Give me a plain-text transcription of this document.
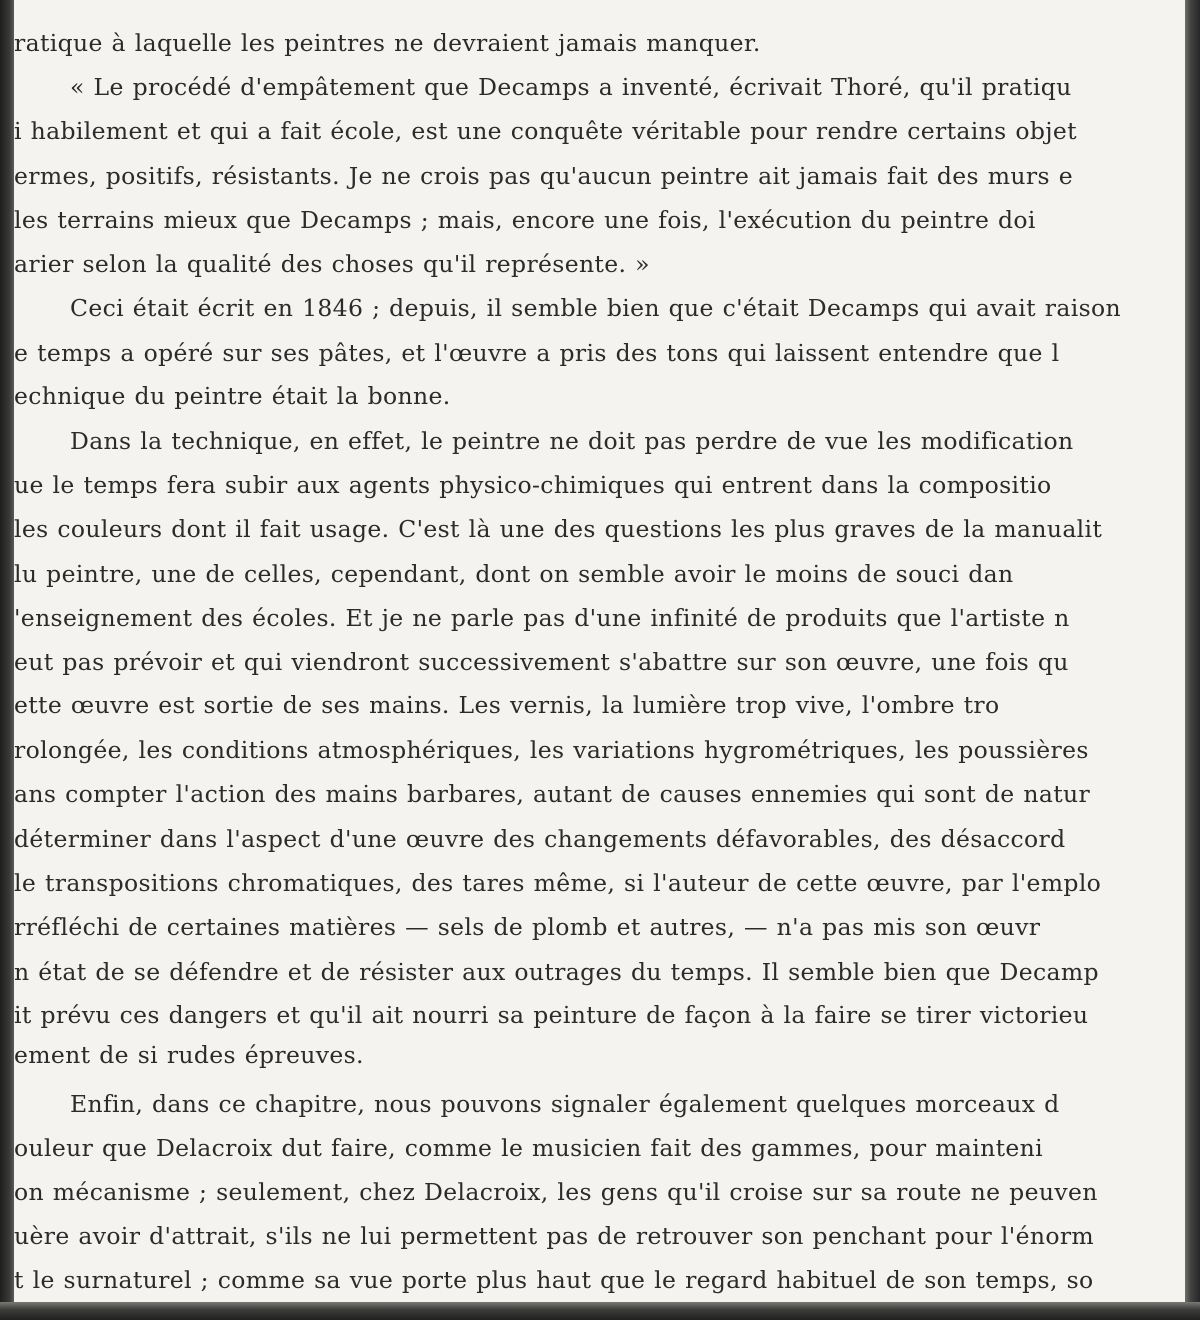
ratique à laquelle les peintres ne devraient jamais manquer.

« Le procédé d'empâtement que Decamps a inventé, écrivait Thoré, qu'il pratiqu

i habilement et qui a fait école, est une conquête véritable pour rendre certains objet

ermes, positifs, résistants. Je ne crois pas qu'aucun peintre ait jamais fait des murs e

les terrains mieux que Decamps ; mais, encore une fois, l'exécution du peintre doi

arier selon la qualité des choses qu'il représente. »

Ceci était écrit en 1846 ; depuis, il semble bien que c'était Decamps qui avait raison

e temps a opéré sur ses pâtes, et l'œuvre a pris des tons qui laissent entendre que l

echnique du peintre était la bonne.

Dans la technique, en effet, le peintre ne doit pas perdre de vue les modification

ue le temps fera subir aux agents physico-chimiques qui entrent dans la compositio

les couleurs dont il fait usage. C'est là une des questions les plus graves de la manualit

lu peintre, une de celles, cependant, dont on semble avoir le moins de souci dan

'enseignement des écoles. Et je ne parle pas d'une infinité de produits que l'artiste n

eut pas prévoir et qui viendront successivement s'abattre sur son œuvre, une fois qu

ette œuvre est sortie de ses mains. Les vernis, la lumière trop vive, l'ombre tro

rolongée, les conditions atmosphériques, les variations hygrométriques, les poussières

ans compter l'action des mains barbares, autant de causes ennemies qui sont de natur

déterminer dans l'aspect d'une œuvre des changements défavorables, des désaccord

le transpositions chromatiques, des tares même, si l'auteur de cette œuvre, par l'emplo

rréfléchi de certaines matières — sels de plomb et autres, — n'a pas mis son œuvr

n état de se défendre et de résister aux outrages du temps. Il semble bien que Decamp

it prévu ces dangers et qu'il ait nourri sa peinture de façon à la faire se tirer victorieu

ement de si rudes épreuves.

Enfin, dans ce chapitre, nous pouvons signaler également quelques morceaux d

ouleur que Delacroix dut faire, comme le musicien fait des gammes, pour mainteni

on mécanisme ; seulement, chez Delacroix, les gens qu'il croise sur sa route ne peuven

uère avoir d'attrait, s'ils ne lui permettent pas de retrouver son penchant pour l'énorm

t le surnaturel ; comme sa vue porte plus haut que le regard habituel de son temps, so
